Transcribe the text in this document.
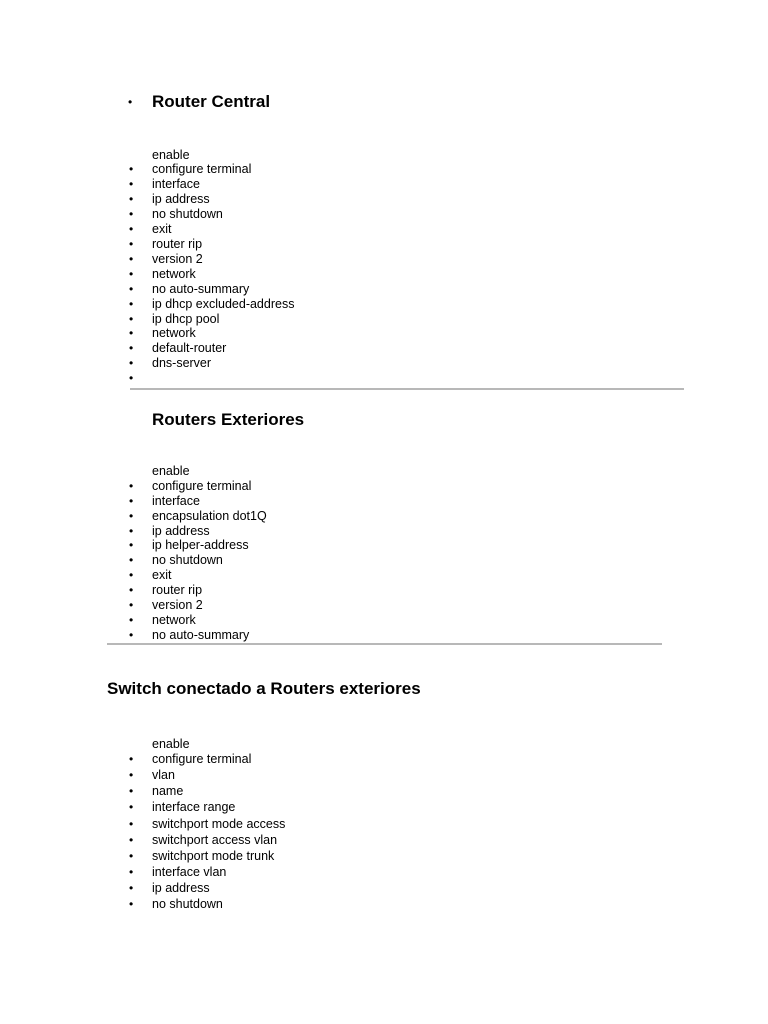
• Router Central
enable
• configure terminal
• interface
• ip address
• no shutdown
• exit
• router rip
• version 2
• network
• no auto-summary
• ip dhcp excluded-address
• ip dhcp pool
• network
• default-router
• dns-server
•
Routers Exteriores
enable
• configure terminal
• interface
• encapsulation dot1Q
• ip address
• ip helper-address
• no shutdown
• exit
• router rip
• version 2
• network
• no auto-summary
Switch conectado a Routers exteriores
enable
• configure terminal
• vlan
• name
• interface range
• switchport mode access
• switchport access vlan
• switchport mode trunk
• interface vlan
• ip address
• no shutdown
